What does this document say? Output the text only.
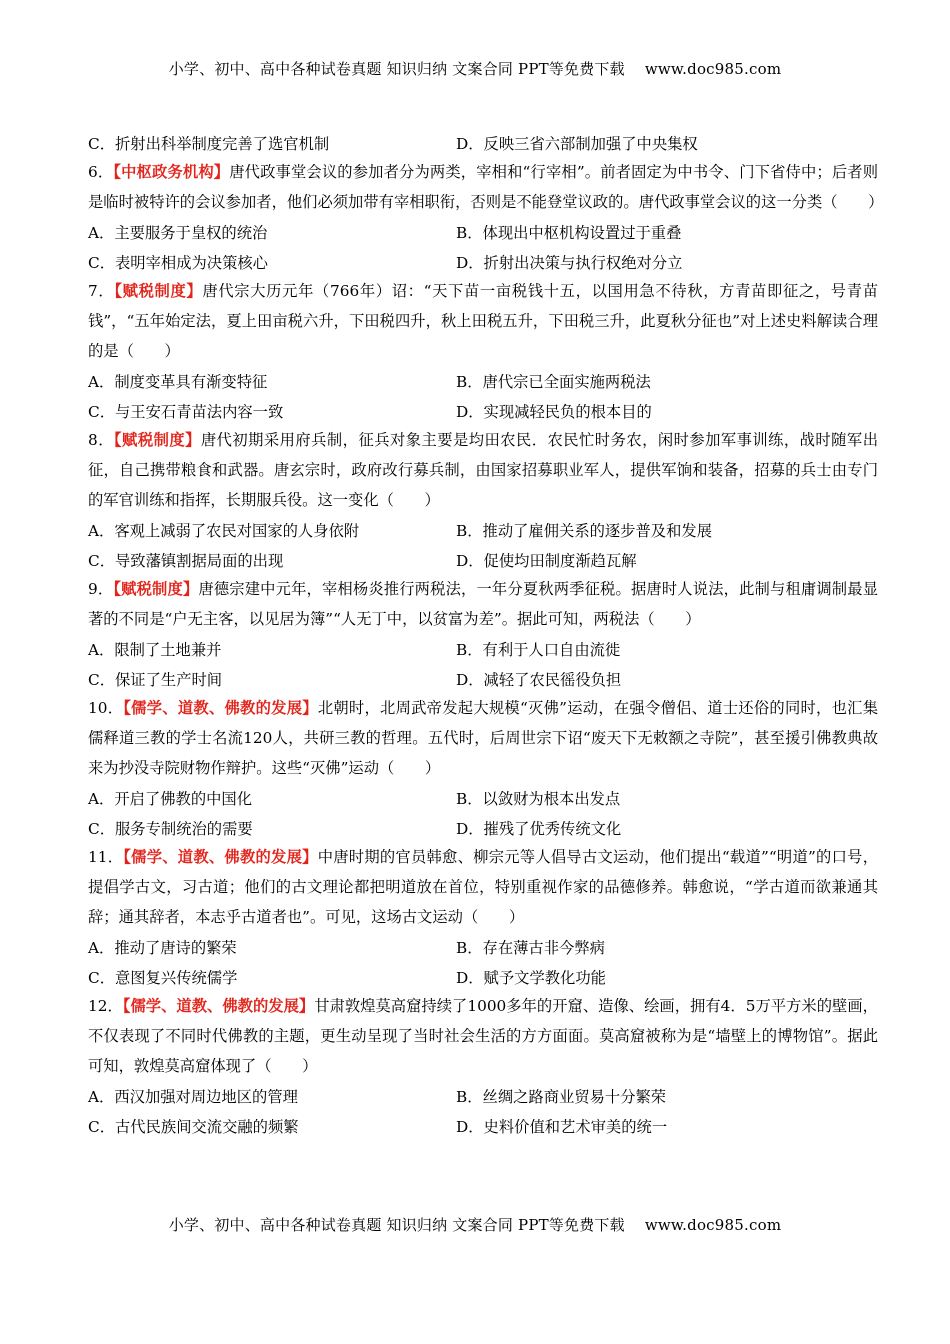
小学、初中、高中各种试卷真题 知识归纳 文案合同 PPT等免费下载 www.doc985.com
C．折射出科举制度完善了选官机制	D．反映三省六部制加强了中央集权
6．【中枢政务机构】唐代政事堂会议的参加者分为两类，宰相和“行宰相”。前者固定为中书令、门下省侍中；后者则是临时被特许的会议参加者，他们必须加带有宰相职衔，否则是不能登堂议政的。唐代政事堂会议的这一分类（　　）
A．主要服务于皇权的统治	B．体现出中枢机构设置过于重叠
C．表明宰相成为决策核心	D．折射出决策与执行权绝对分立
7．【赋税制度】唐代宗大历元年（766年）诏：“天下苗一亩税钱十五，以国用急不待秋，方青苗即征之，号青苗钱”，“五年始定法，夏上田亩税六升，下田税四升，秋上田税五升，下田税三升，此夏秋分征也”对上述史料解读合理的是（　　）
A．制度变革具有渐变特征	B．唐代宗已全面实施两税法
C．与王安石青苗法内容一致	D．实现减轻民负的根本目的
8．【赋税制度】唐代初期采用府兵制，征兵对象主要是均田农民．农民忙时务农，闲时参加军事训练，战时随军出征，自己携带粮食和武器。唐玄宗时，政府改行募兵制，由国家招募职业军人，提供军饷和装备，招募的兵士由专门的军官训练和指挥，长期服兵役。这一变化（　　）
A．客观上减弱了农民对国家的人身依附	B．推动了雇佣关系的逐步普及和发展
C．导致藩镇割据局面的出现	D．促使均田制度渐趋瓦解
9．【赋税制度】唐德宗建中元年，宰相杨炎推行两税法，一年分夏秋两季征税。据唐时人说法，此制与租庸调制最显著的不同是“户无主客，以见居为簿”“人无丁中，以贫富为差”。据此可知，两税法（　　）
A．限制了土地兼并	B．有利于人口自由流徙
C．保证了生产时间	D．减轻了农民徭役负担
10．【儒学、道教、佛教的发展】北朝时，北周武帝发起大规模“灭佛”运动，在强令僧侣、道士还俗的同时，也汇集儒释道三教的学士名流120人，共研三教的哲理。五代时，后周世宗下诏“废天下无敕额之寺院”，甚至援引佛教典故来为抄没寺院财物作辩护。这些“灭佛”运动（　　）
A．开启了佛教的中国化	B．以敛财为根本出发点
C．服务专制统治的需要	D．摧残了优秀传统文化
11．【儒学、道教、佛教的发展】中唐时期的官员韩愈、柳宗元等人倡导古文运动，他们提出“载道”“明道”的口号，提倡学古文，习古道；他们的古文理论都把明道放在首位，特别重视作家的品德修养。韩愈说，“学古道而欲兼通其辞；通其辞者，本志乎古道者也”。可见，这场古文运动（　　）
A．推动了唐诗的繁荣	B．存在薄古非今弊病
C．意图复兴传统儒学	D．赋予文学教化功能
12．【儒学、道教、佛教的发展】甘肃敦煌莫高窟持续了1000多年的开窟、造像、绘画，拥有4．5万平方米的壁画，不仅表现了不同时代佛教的主题，更生动呈现了当时社会生活的方方面面。莫高窟被称为是“墙壁上的博物馆”。据此可知，敦煌莫高窟体现了（　　）
A．西汉加强对周边地区的管理	B．丝绸之路商业贸易十分繁荣
C．古代民族间交流交融的频繁	D．史料价值和艺术审美的统一
小学、初中、高中各种试卷真题 知识归纳 文案合同 PPT等免费下载 www.doc985.com
